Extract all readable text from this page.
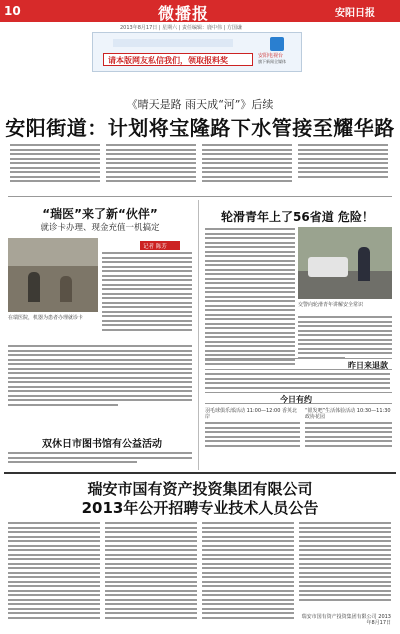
10	微播报	安阳日报
2013年8月17日 | 星期六 | 责任编辑：鹿中伟 | 方国谦
请本版网友私信我们，领取报料奖	安阳电视台
旗下新闻全媒体
《晴天是路 雨天成“河”》后续
安阳街道：计划将宝隆路下水管接至耀华路
“瑞医”来了新“伙伴”
就诊卡办理、现金充值一机搞定
在瑞医院，机器为患者办理就诊卡
记者 陈芳
轮滑青年上了56省道 危险！
交警向轮滑青年讲解安全常识
昨日来退款
今日有约
羽毛球俱乐部活动 11:00—12:00 香英北岸
“银发吧”生活体验活动 10:30—11:30 政协花园
双休日市图书馆有公益活动
瑞安市国有资产投资集团有限公司
2013年公开招聘专业技术人员公告
瑞安市国有资产投资集团有限公司 2013年8月17日
